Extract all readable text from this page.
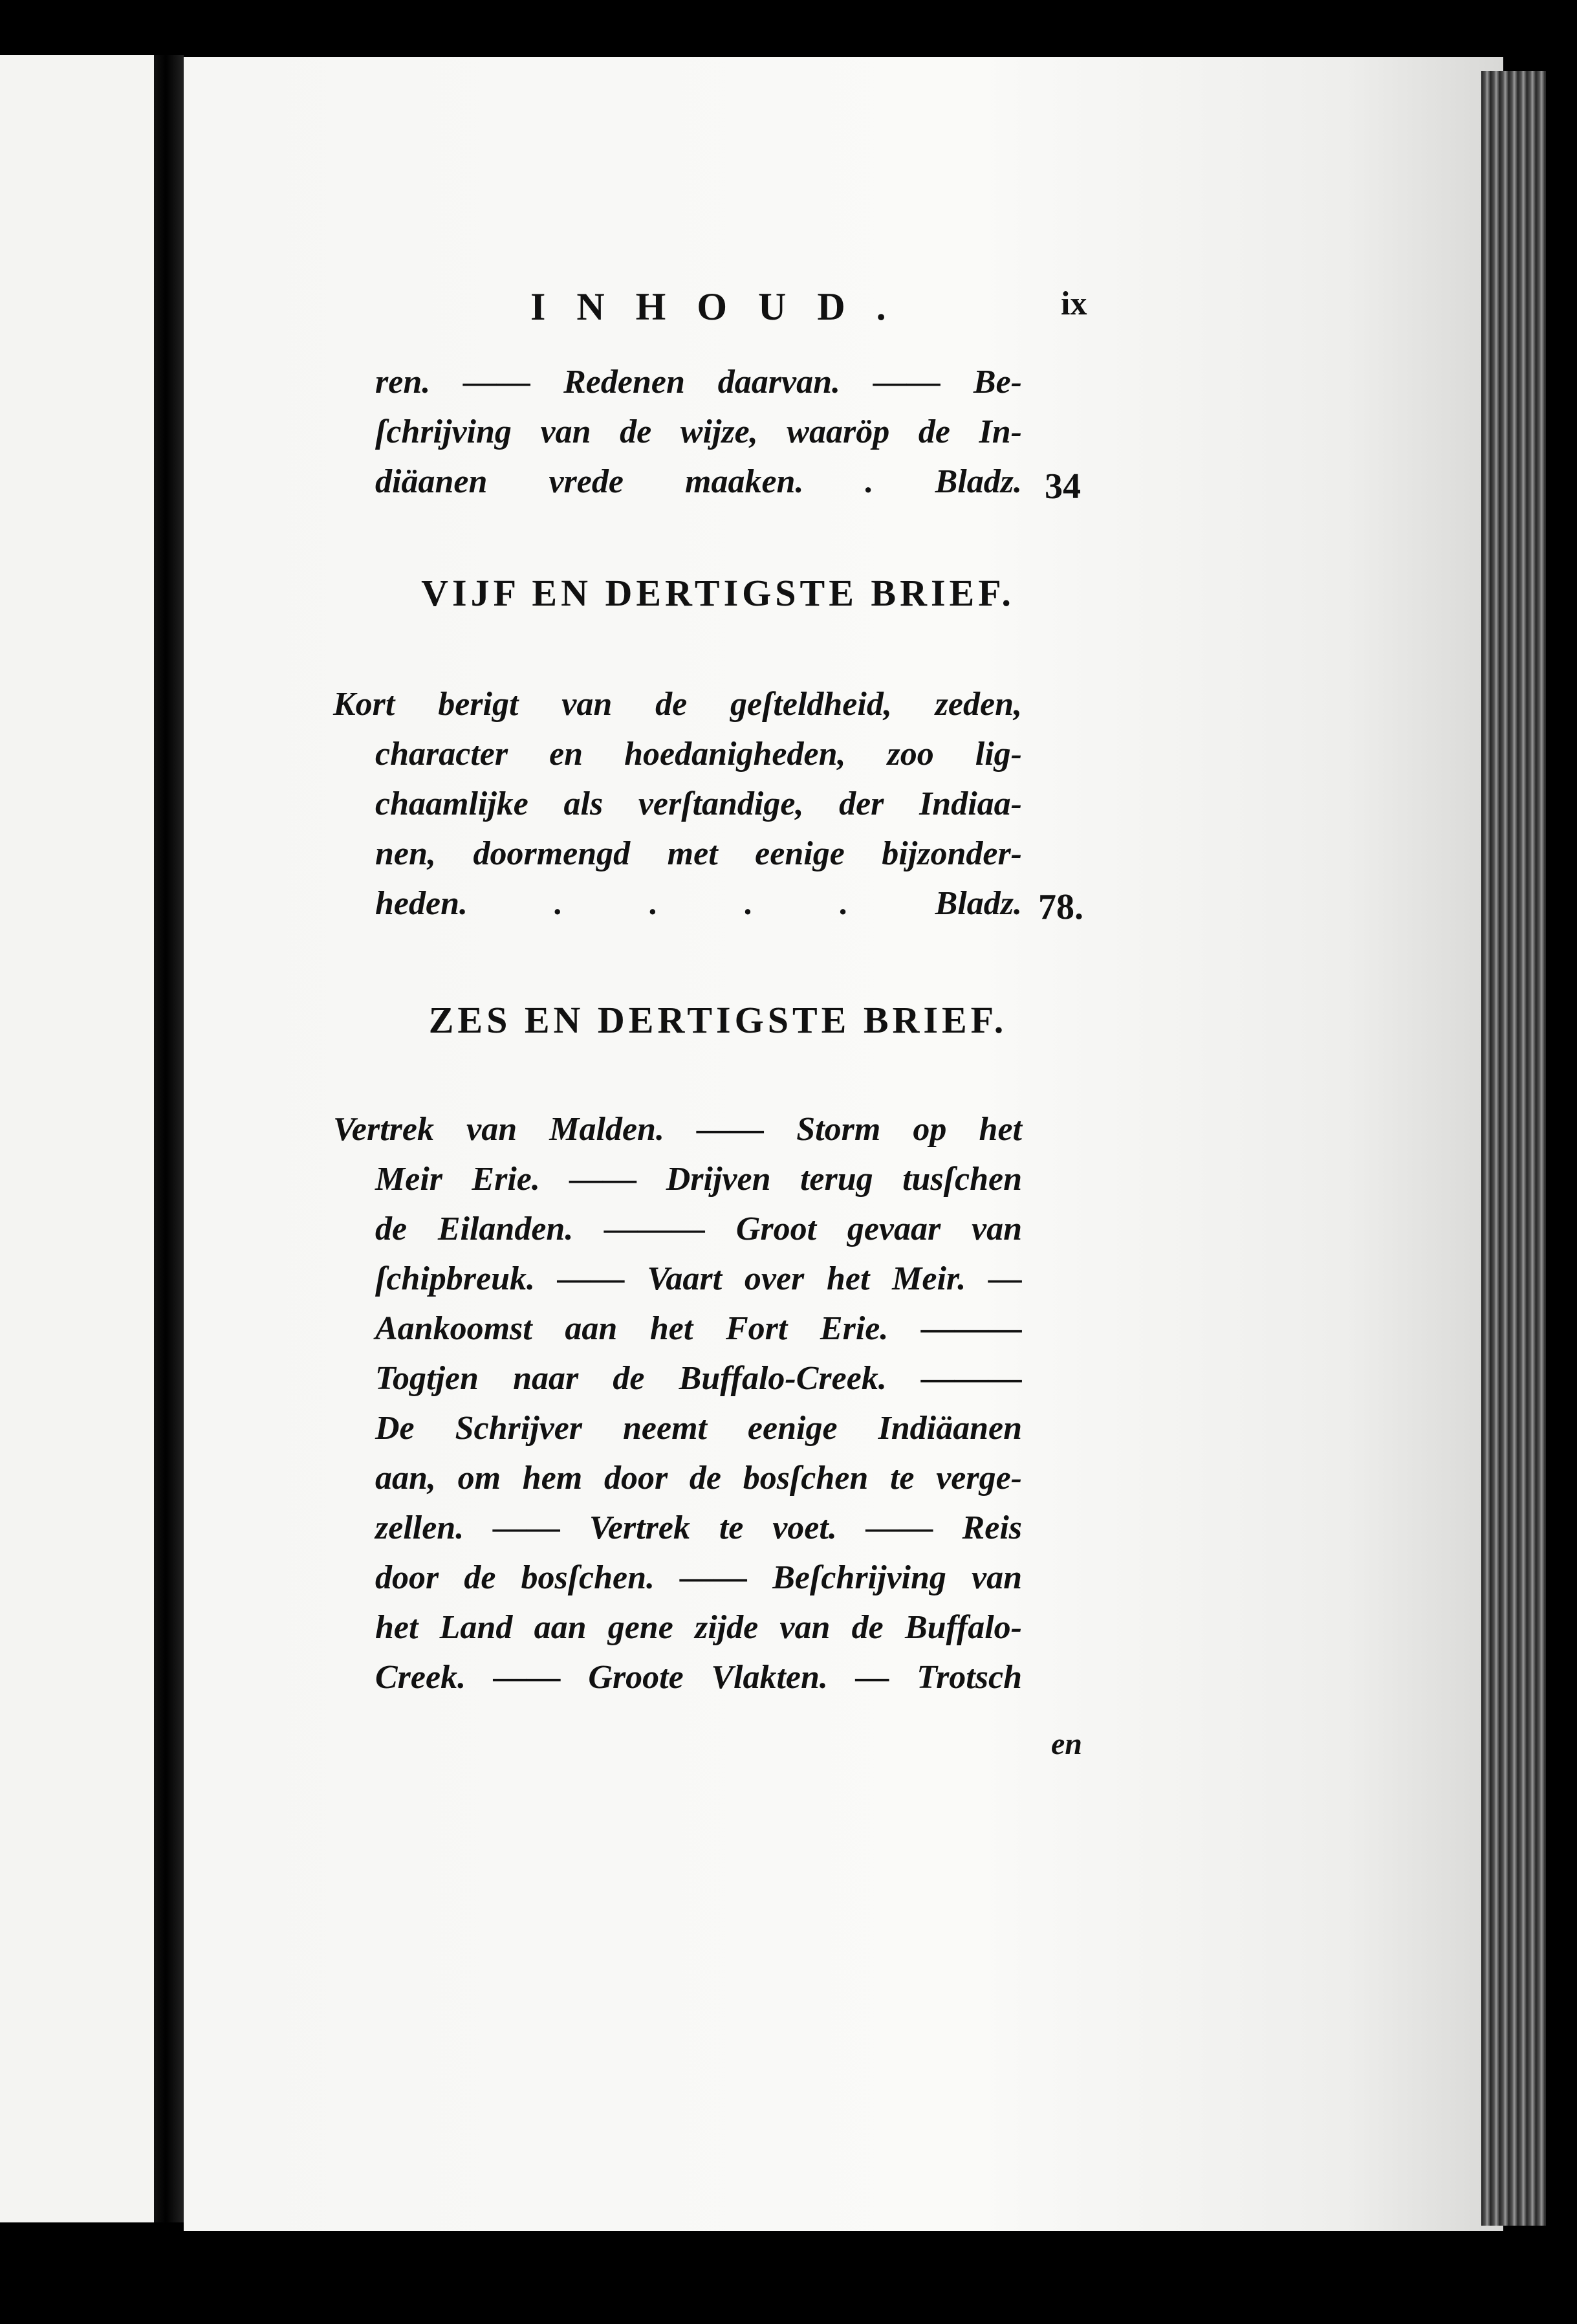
INHOUD.	ix
ren. —— Redenen daarvan. —— Be-
ſchrijving van de wijze, waaröp de In-
diäanen vrede maaken. . Bladz. 34
VIJF EN DERTIGSTE BRIEF.
Kort berigt van de geſteldheid, zeden,
character en hoedanigheden, zoo lig-
chaamlijke als verſtandige, der Indiaa-
nen, doormengd met eenige bijzonder-
heden. . . . . Bladz. 78.
ZES EN DERTIGSTE BRIEF.
Vertrek van Malden. —— Storm op het
Meir Erie. —— Drijven terug tusſchen
de Eilanden. ——— Groot gevaar van
ſchipbreuk. —— Vaart over het Meir. —
Aankoomst aan het Fort Erie. ———
Togtjen naar de Buffalo-Creek. ———
De Schrijver neemt eenige Indiäanen
aan, om hem door de bosſchen te verge-
zellen. —— Vertrek te voet. —— Reis
door de bosſchen. —— Beſchrijving van
het Land aan gene zijde van de Buffalo-
Creek. —— Groote Vlakten. — Trotsch
en
